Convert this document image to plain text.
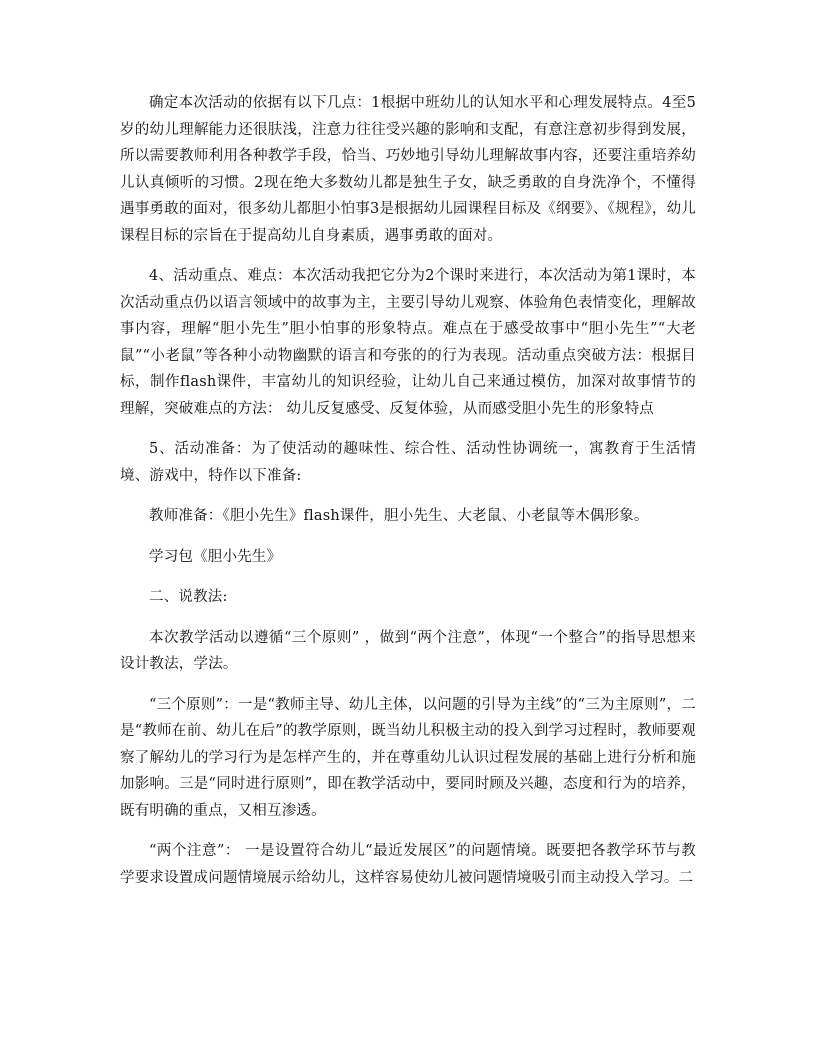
确定本次活动的依据有以下几点：1根据中班幼儿的认知水平和心理发展特点。4至5岁的幼儿理解能力还很肤浅，注意力往往受兴趣的影响和支配，有意注意初步得到发展，所以需要教师利用各种教学手段，恰当、巧妙地引导幼儿理解故事内容，还要注重培养幼儿认真倾听的习惯。2现在绝大多数幼儿都是独生子女，缺乏勇敢的自身洗净个，不懂得遇事勇敢的面对，很多幼儿都胆小怕事3是根据幼儿园课程目标及《纲要》、《规程》，幼儿课程目标的宗旨在于提高幼儿自身素质，遇事勇敢的面对。

4、活动重点、难点：本次活动我把它分为2个课时来进行，本次活动为第1课时，本次活动重点仍以语言领域中的故事为主，主要引导幼儿观察、体验角色表情变化，理解故事内容，理解“胆小先生”胆小怕事的形象特点。难点在于感受故事中“胆小先生”“大老鼠”“小老鼠”等各种小动物幽默的语言和夸张的的行为表现。活动重点突破方法：根据目标，制作flash课件，丰富幼儿的知识经验，让幼儿自己来通过模仿，加深对故事情节的理解，突破难点的方法： 幼儿反复感受、反复体验，从而感受胆小先生的形象特点

5、活动准备：为了使活动的趣味性、综合性、活动性协调统一，寓教育于生活情境、游戏中，特作以下准备:

教师准备：《胆小先生》flash课件，胆小先生、大老鼠、小老鼠等木偶形象。

学习包《胆小先生》

二、说教法:

本次教学活动以遵循“三个原则” ，做到“两个注意”，体现“一个整合”的指导思想来设计教法，学法。

“三个原则”：一是“教师主导、幼儿主体，以问题的引导为主线”的“三为主原则”，二是“教师在前、幼儿在后”的教学原则，既当幼儿积极主动的投入到学习过程时，教师要观察了解幼儿的学习行为是怎样产生的，并在尊重幼儿认识过程发展的基础上进行分析和施加影响。三是“同时进行原则”，即在教学活动中，要同时顾及兴趣，态度和行为的培养，既有明确的重点，又相互渗透。

“两个注意”： 一是设置符合幼儿“最近发展区”的问题情境。既要把各教学环节与教学要求设置成问题情境展示给幼儿，这样容易使幼儿被问题情境吸引而主动投入学习。二
